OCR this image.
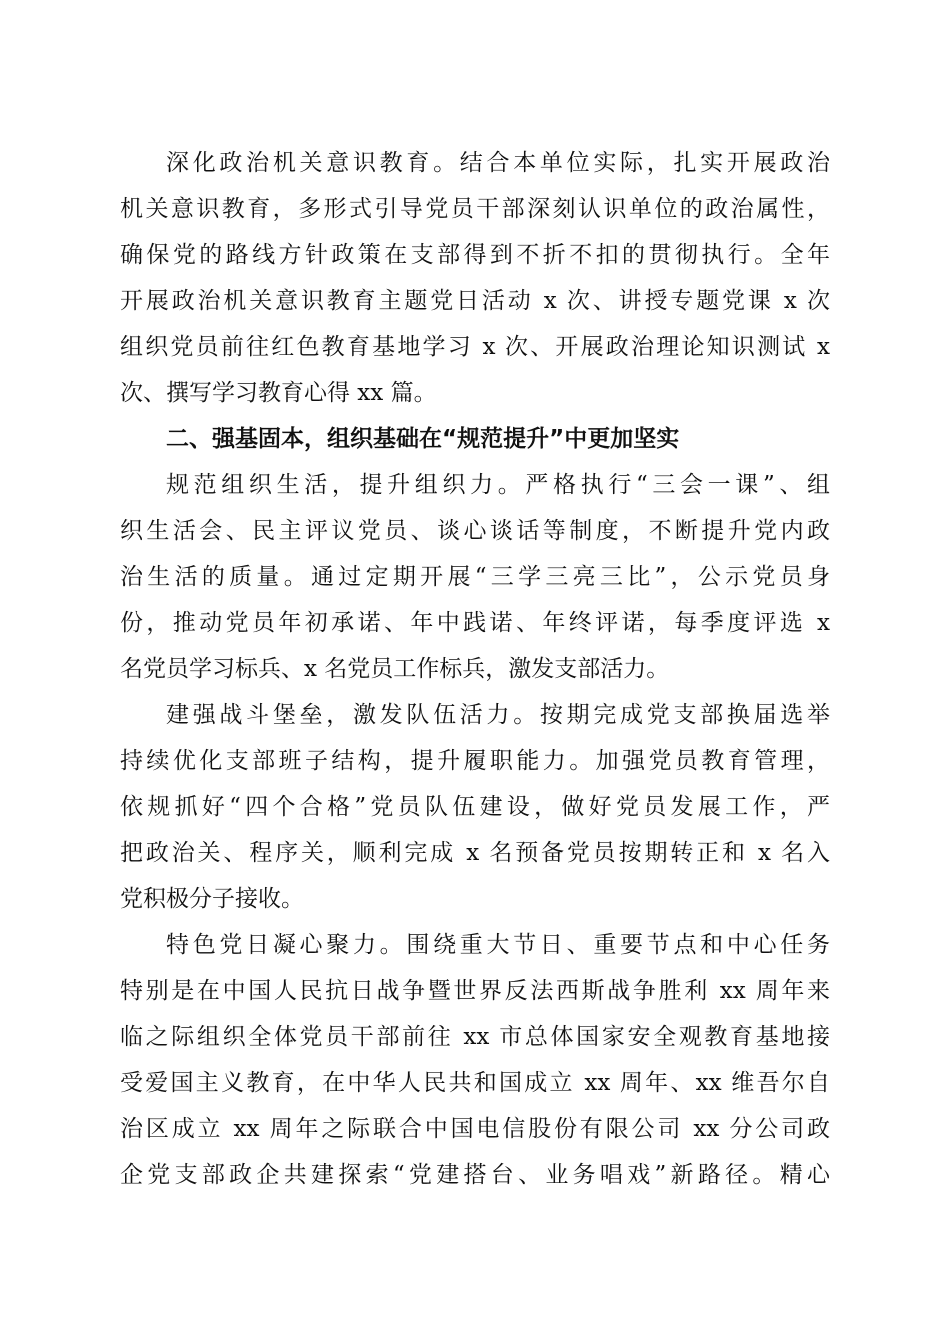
深化政治机关意识教育。结合本单位实际，扎实开展政治
机关意识教育，多形式引导党员干部深刻认识单位的政治属性，
确保党的路线方针政策在支部得到不折不扣的贯彻执行。全年
开展政治机关意识教育主题党日活动 x 次、讲授专题党课 x 次
组织党员前往红色教育基地学习 x 次、开展政治理论知识测试 x
次、撰写学习教育心得 xx 篇。
二、强基固本，组织基础在“规范提升”中更加坚实
规范组织生活，提升组织力。严格执行“三会一课”、组
织生活会、民主评议党员、谈心谈话等制度，不断提升党内政
治生活的质量。通过定期开展“三学三亮三比”，公示党员身
份，推动党员年初承诺、年中践诺、年终评诺，每季度评选 x
名党员学习标兵、x 名党员工作标兵，激发支部活力。
建强战斗堡垒，激发队伍活力。按期完成党支部换届选举
持续优化支部班子结构，提升履职能力。加强党员教育管理，
依规抓好“四个合格”党员队伍建设，做好党员发展工作，严
把政治关、程序关，顺利完成 x 名预备党员按期转正和 x 名入
党积极分子接收。
特色党日凝心聚力。围绕重大节日、重要节点和中心任务
特别是在中国人民抗日战争暨世界反法西斯战争胜利 xx 周年来
临之际组织全体党员干部前往 xx 市总体国家安全观教育基地接
受爱国主义教育，在中华人民共和国成立 xx 周年、xx 维吾尔自
治区成立 xx 周年之际联合中国电信股份有限公司 xx 分公司政
企党支部政企共建探索“党建搭台、业务唱戏”新路径。精心
